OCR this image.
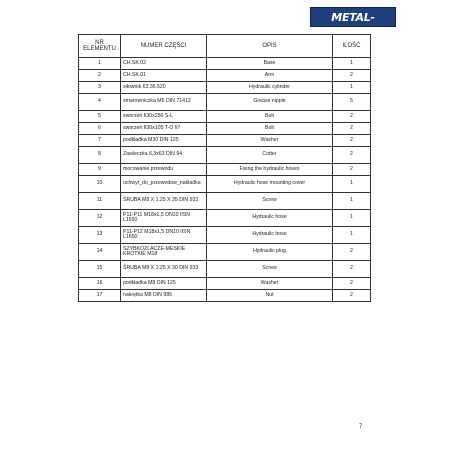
METAL-TECHNIK
NR ELEMENTU	NUMER CZĘŚCI	OPIS	ILOŚĆ
1	CH.SK.02	Base	1
2	CH.SK.01	Arm	2
3	siłownik 63.36.520	Hydraulic cylinder	1
4	smarowniczka M6 DIN 71412	Grease nipple	5
5	sworzeń fi30x250 S-L	Bolt	2
6	sworzeń fi30x105 T-O fi7	Bolt	2
7	podkładka M30 DIN 125	Washer	2
8	Zawleczka 6,3x63 DIN 94	Cotter	2
9	mocowanie przewodu	Fixing the hydraulic hoses	2
10	uchwyt_do_przewodow_nakladka	Hydraulic hose mounting cover	1
11	ŚRUBA M8 X 1.25 X 35 DIN 933	Screw	1
12	P11-P11 M18x1,5 DN10 IISN L1650	Hydraulic hose	1
13	P11-P12 M18x1,5 DN10 IISN L1650	Hydraulic hose	1
14	SZYBKOZLACZE-MESKIE KROTKIE M18	Hydraulic plug	2
15	ŚRUBA M8 X 1.25 X 30 DIN 933	Screw	2
16	podkładka M8 DIN 125	Washer	2
17	nakrętka M8 DIN 985	Nut	2
7
